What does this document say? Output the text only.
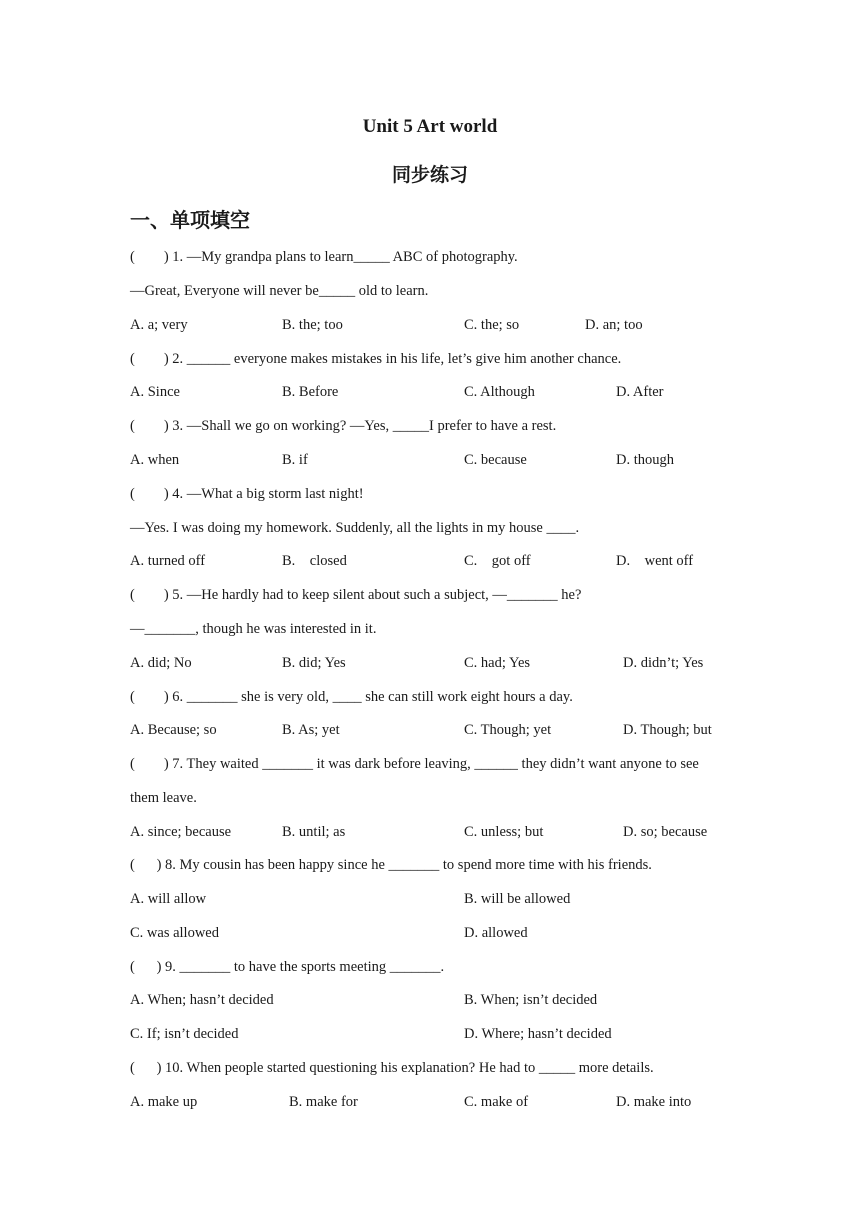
Unit 5 Art world
同步练习
一、单项填空
(        ) 1. —My grandpa plans to learn_____ ABC of photography.
—Great, Everyone will never be_____ old to learn.
A. a; very	B. the; too	C. the; so	D. an; too
(        ) 2. ______ everyone makes mistakes in his life, let’s give him another chance.
A. Since	B. Before	C. Although	D. After
(        ) 3. —Shall we go on working? —Yes, _____I prefer to have a rest.
A. when	B. if	C. because	D. though
(        ) 4. —What a big storm last night!
—Yes. I was doing my homework. Suddenly, all the lights in my house ____.
A. turned off	B.    closed	C.    got off	D.    went off
(        ) 5. —He hardly had to keep silent about such a subject, —_______ he?
—_______, though he was interested in it.
A. did; No	B. did; Yes	C. had; Yes	D. didn’t; Yes
(        ) 6. _______ she is very old, ____ she can still work eight hours a day.
A. Because; so	B. As; yet	C. Though; yet	D. Though; but
(        ) 7. They waited _______ it was dark before leaving, ______ they didn’t want anyone to see
them leave.
A. since; because	B. until; as	C. unless; but	D. so; because
(      ) 8. My cousin has been happy since he _______ to spend more time with his friends.
A. will allow	B. will be allowed
C. was allowed	D. allowed
(      ) 9. _______ to have the sports meeting _______.
A. When; hasn’t decided	B. When; isn’t decided
C. If; isn’t decided	D. Where; hasn’t decided
(      ) 10. When people started questioning his explanation? He had to _____ more details.
A. make up	B. make for	C. make of	D. make into
